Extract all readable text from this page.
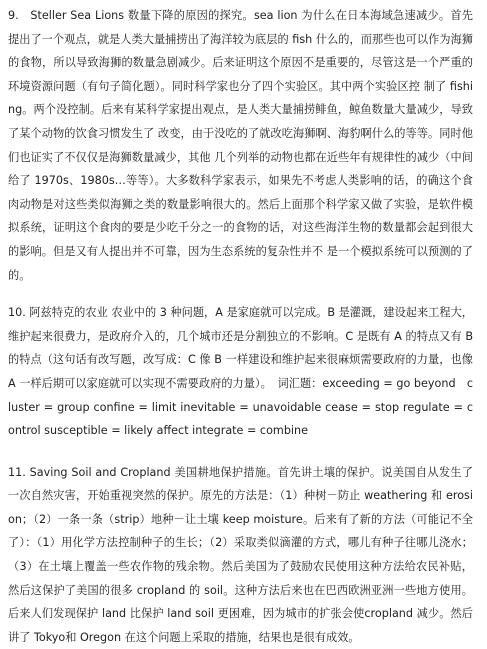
9.　Steller Sea Lions 数量下降的原因的探究。sea lion 为什么在日本海域急速减少。首先提出了一个观点，就是人类大量捕捞出了海洋较为底层的 fish 什么的，而那些也可以作为海狮的食物，所以导致海狮的数量急剧减少。后来证明这个原因不是重要的，尽管这是一个严重的环境资源问题（有句子简化题）。同时科学家也分了四个实验区。其中两个实验区控 制了 fishing。两个没控制。后来有某科学家提出观点，是人类大量捕捞鲱鱼，鲸鱼数量大量减少，导致了某个动物的饮食习惯发生了 改变，由于没吃的了就改吃海狮啊、海豹啊什么的等等。同时他们也证实了不仅仅是海狮数量减少，其他 几个列举的动物也都在近些年有规律性的减少（中间给了 1970s、1980s…等等）。大多数科学家表示，如果先不考虑人类影响的话，的确这个食肉动物是对这些类似海狮之类的数量影响很大的。然后上面那个科学家又做了实验，是软件模拟系统，证明这个食肉的要是少吃千分之一的食物的话，对这些海洋生物的数量都会起到很大的影响。但是又有人提出并不可靠，因为生态系统的复杂性并不 是一个模拟系统可以预测的了的。

10. 阿兹特克的农业 农业中的 3 种问题，A 是家庭就可以完成。B 是灌溉，建设起来工程大，维护起来很费力，是政府介入的，几个城市还是分割独立的不影响。C 是既有 A 的特点又有 B 的特点（这句话有改写题，改写成：C 像 B 一样建设和维护起来很麻烦需要政府的力量，也像 A 一样后期可以家庭就可以实现不需要政府的力量）。　词汇题：exceeding = go beyond　cluster = group confine = limit inevitable = unavoidable cease = stop regulate = control susceptible = likely affect integrate = combine

11. Saving Soil and Cropland 美国耕地保护措施。首先讲土壤的保护。说美国自从发生了一次自然灾害，开始重视突然的保护。原先的方法是：（1）种树－防止 weathering 和 erosion；（2）一条一条（strip）地种－让土壤 keep moisture。后来有了新的方法（可能记不全了）：（1）用化学方法控制种子的生长；（2）采取类似滴灌的方式，哪儿有种子往哪儿浇水；（3）在土壤上覆盖一些农作物的残余物。然后美国为了鼓励农民使用这种方法给农民补贴，然后这保护了美国的很多 cropland 的 soil。这种方法后来也在巴西欧洲亚洲一些地方使用。后来人们发现保护 land 比保护 land soil 更困难，因为城市的扩张会使cropland 减少。然后讲了 Tokyo和 Oregon 在这个问题上采取的措施，结果也是很有成效。
